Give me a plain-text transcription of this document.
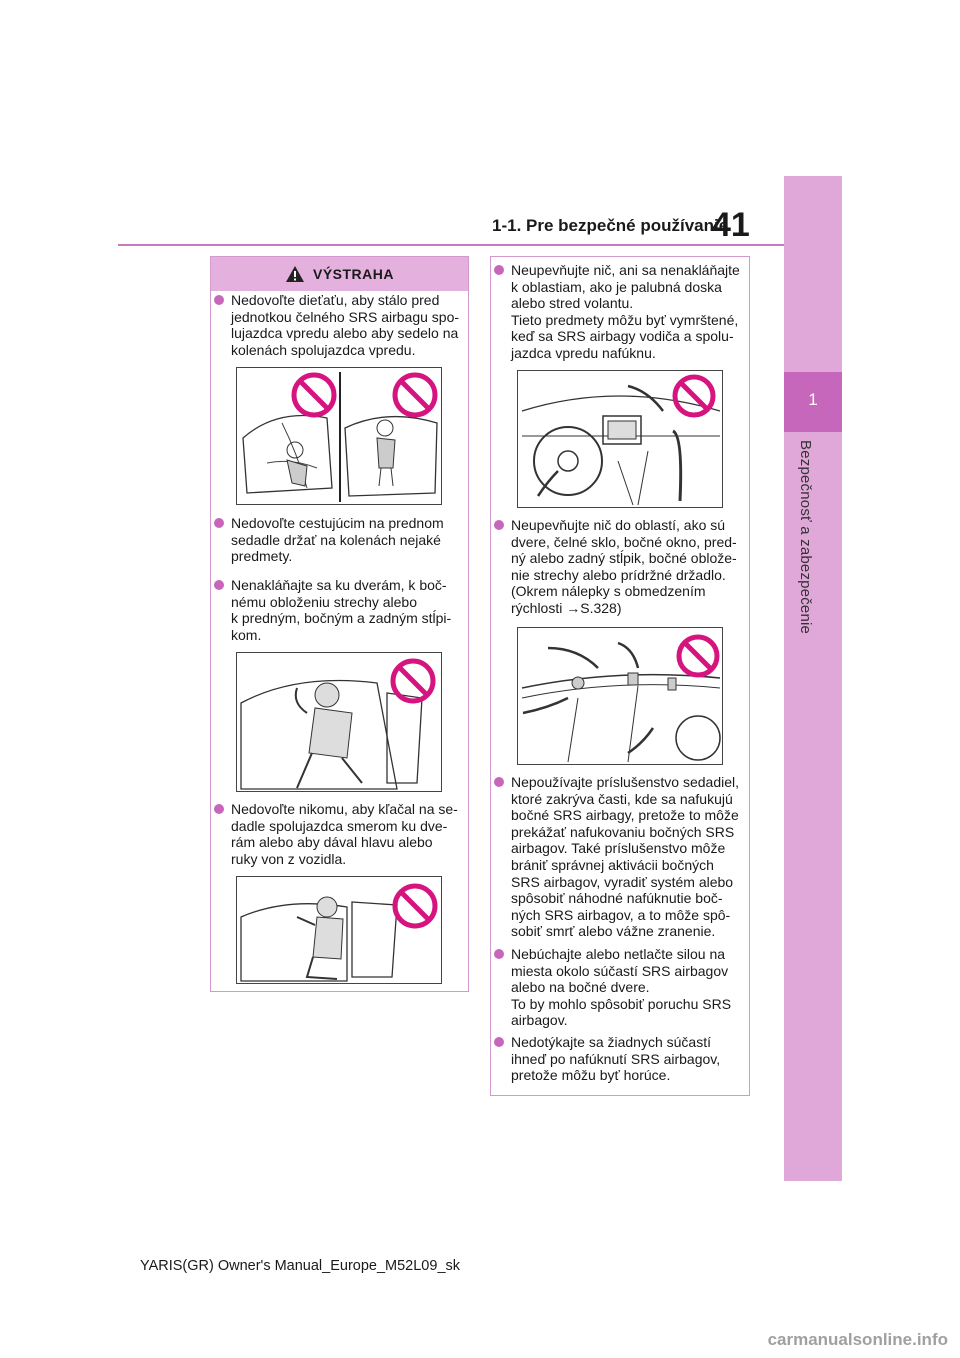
41
1-1. Pre bezpečné používanie
1
Bezpečnosť a zabezpečenie
VÝSTRAHA
Nedovoľte dieťaťu, aby stálo pred
jednotkou čelného SRS airbagu spo-
lujazdca vpredu alebo aby sedelo na
kolenách spolujazdca vpredu.
Nedovoľte cestujúcim na prednom
sedadle držať na kolenách nejaké
predmety.
Nenakláňajte sa ku dverám, k boč-
nému obloženiu strechy alebo
k predným, bočným a zadným stĺpi-
kom.
Nedovoľte nikomu, aby kľačal na se-
dadle spolujazdca smerom ku dve-
rám alebo aby dával hlavu alebo
ruky von z vozidla.
Neupevňujte nič, ani sa nenakláňajte
k oblastiam, ako je palubná doska
alebo stred volantu.
Tieto predmety môžu byť vymrštené,
keď sa SRS airbagy vodiča a spolu-
jazdca vpredu nafúknu.
Neupevňujte nič do oblastí, ako sú
dvere, čelné sklo, bočné okno, pred-
ný alebo zadný stĺpik, bočné obložе-
nie strechy alebo prídržné držadlo.
(Okrem nálepky s obmedzením
rýchlosti →S.328)
Nepoužívajte príslušenstvo sedadiel,
ktoré zakrýva časti, kde sa nafukujú
bočné SRS airbagy, pretože to môže
prekážať nafukovaniu bočných SRS
airbagov. Také príslušenstvo môže
brániť správnej aktivácii bočných
SRS airbagov, vyradiť systém alebo
spôsobiť náhodné nafúknutie boč-
ných SRS airbagov, a to môže spô-
sobiť smrť alebo vážne zranenie.
Nebúchajte alebo netlačte silou na
miesta okolo súčastí SRS airbagov
alebo na bočné dvere.
To by mohlo spôsobiť poruchu SRS
airbagov.
Nedotýkajte sa žiadnych súčastí
ihneď po nafúknutí SRS airbagov,
pretože môžu byť horúce.
YARIS(GR) Owner's Manual_Europe_M52L09_sk
carmanualsonline.info
